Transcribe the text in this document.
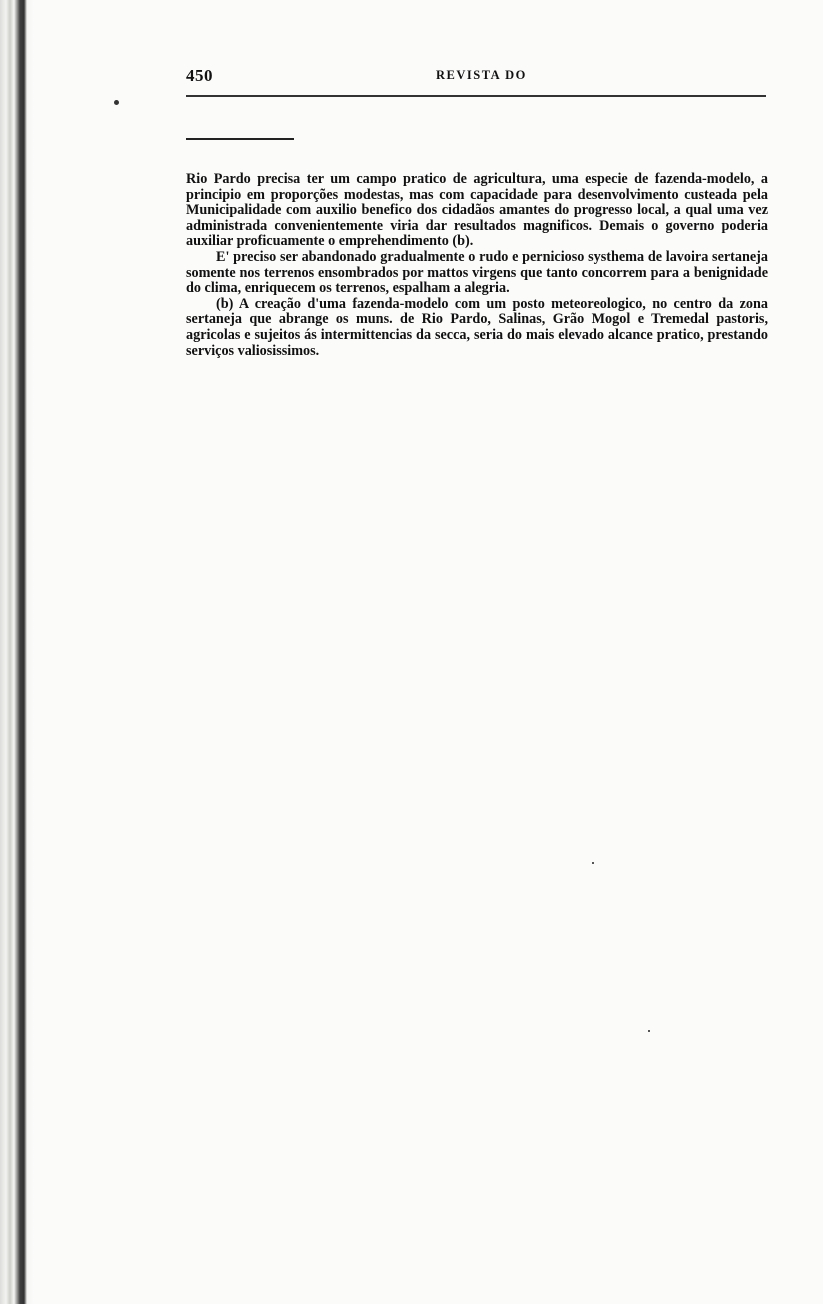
450	REVISTA DO

Rio Pardo precisa ter um campo pratico de agricultura, uma especie de fazenda-modelo, a principio em proporções modestas, mas com capacidade para desenvolvimento custeada pela Municipalidade com auxilio benefico dos cidadãos amantes do progresso local, a qual uma vez administrada convenientemente viria dar resultados magnificos. Demais o governo poderia auxiliar proficuamente o emprehendimento (b).

E' preciso ser abandonado gradualmente o rudo e pernicioso systhema de lavoira sertaneja somente nos terrenos ensombrados por mattos virgens que tanto concorrem para a benignidade do clima, enriquecem os terrenos, espalham a alegria.

(b) A creação d'uma fazenda-modelo com um posto meteoreologico, no centro da zona sertaneja que abrange os muns. de Rio Pardo, Salinas, Grão Mogol e Tremedal pastoris, agricolas e sujeitos ás intermittencias da secca, seria do mais elevado alcance pratico, prestando serviços valiosissimos.
